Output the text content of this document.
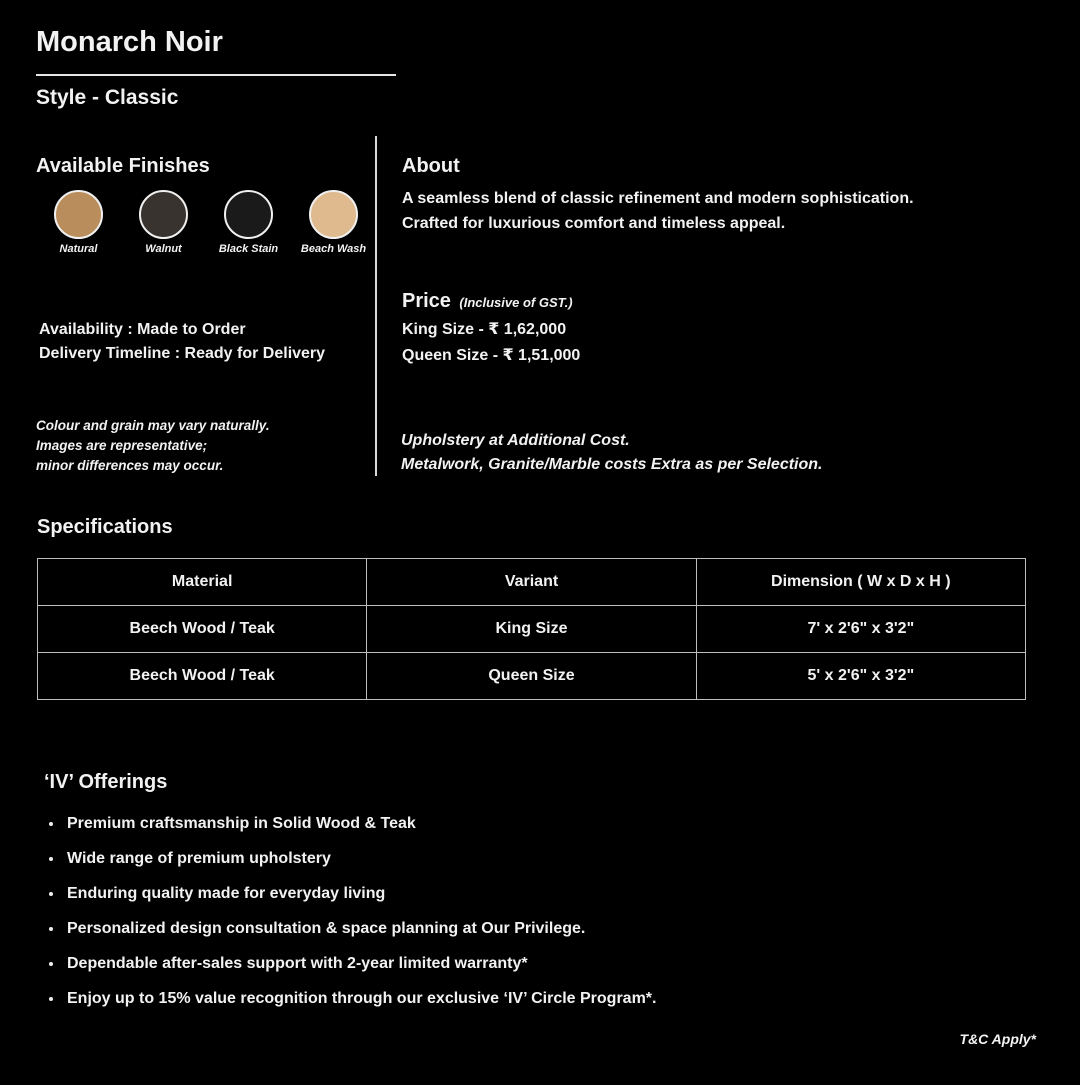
Monarch Noir
Style - Classic
Available Finishes
Natural	Walnut	Black Stain Beach Wash
Availability : Made to Order
Delivery Timeline : Ready for Delivery
Colour and grain may vary naturally.
Images are representative;
minor differences may occur.
About
A seamless blend of classic refinement and modern sophistication.
Crafted for luxurious comfort and timeless appeal.
Price (Inclusive of GST.)
King Size - ₹ 1,62,000
Queen Size - ₹ 1,51,000
Upholstery at Additional Cost.
Metalwork, Granite/Marble costs Extra as per Selection.
Specifications
Material	Variant	Dimension ( W x D x H )
Beech Wood / Teak	King Size	7' x 2'6" x 3'2"
Beech Wood / Teak	Queen Size	5' x 2'6" x 3'2"
‘IV’ Offerings
Premium craftsmanship in Solid Wood & Teak
Wide range of premium upholstery
Enduring quality made for everyday living
Personalized design consultation & space planning at Our Privilege.
Dependable after-sales support with 2-year limited warranty*
Enjoy up to 15% value recognition through our exclusive ‘IV’ Circle Program*.
T&C Apply*
